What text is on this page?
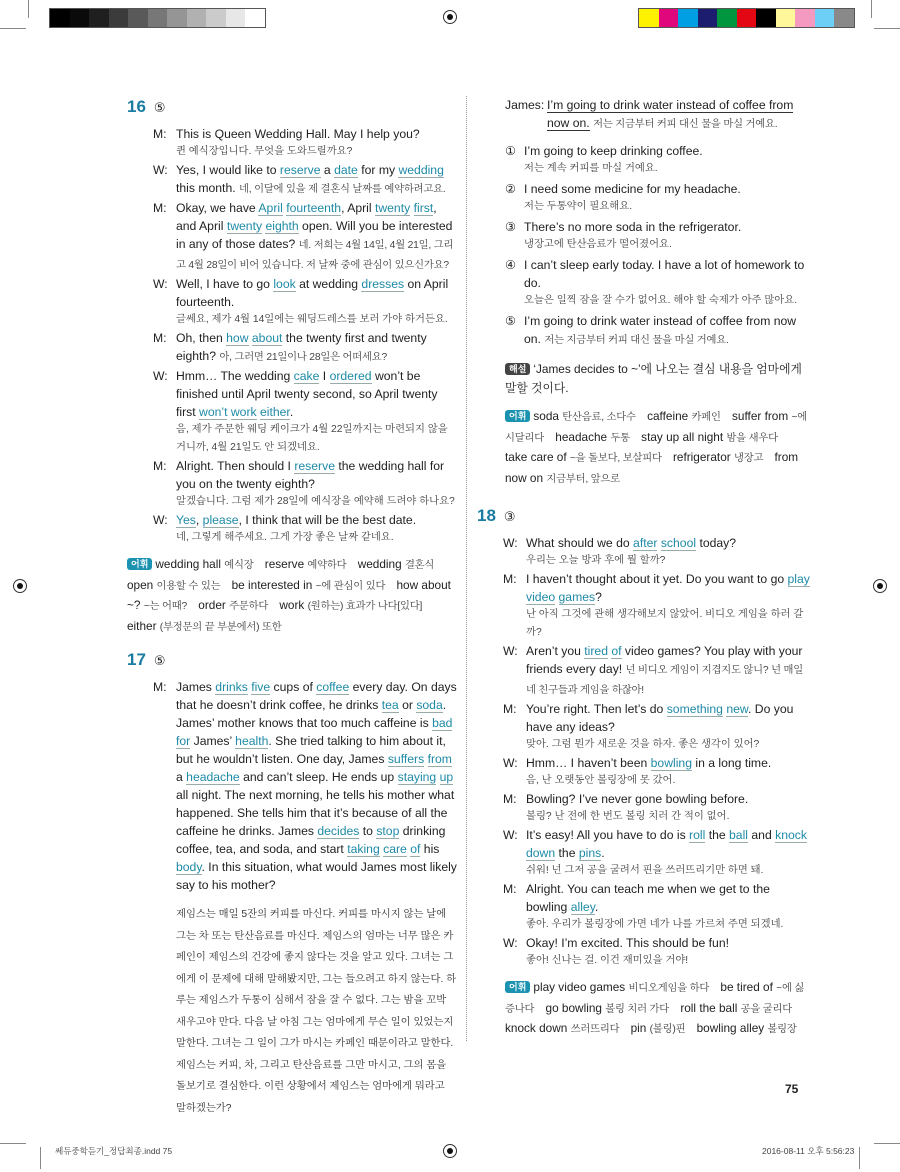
16 ⑤
M: This is Queen Wedding Hall. May I help you?
퀸 예식장입니다. 무엇을 도와드릴까요?
W: Yes, I would like to reserve a date for my wedding this month. 네, 이달에 있을 제 결혼식 날짜를 예약하려고요.
M: Okay, we have April fourteenth, April twenty first, and April twenty eighth open. Will you be interested in any of those dates? 네. 저희는 4월 14일, 4월 21일, 그리고 4월 28일이 비어 있습니다. 저 날짜 중에 관심이 있으신가요?
W: Well, I have to go look at wedding dresses on April fourteenth.
글쎄요, 제가 4월 14일에는 웨딩드레스를 보러 가야 하거든요.
M: Oh, then how about the twenty first and twenty eighth? 아, 그러면 21일이나 28일은 어떠세요?
W: Hmm… The wedding cake I ordered won’t be finished until April twenty second, so April twenty first won’t work either.
음, 제가 주문한 웨딩 케이크가 4월 22일까지는 마련되지 않을 거니까, 4월 21일도 안 되겠네요.
M: Alright. Then should I reserve the wedding hall for you on the twenty eighth?
알겠습니다. 그럼 제가 28일에 예식장을 예약해 드려야 하나요?
W: Yes, please, I think that will be the best date.
네, 그렇게 해주세요. 그게 가장 좋은 날짜 같네요.
어휘 wedding hall 예식장 reserve 예약하다 wedding 결혼식 open 이용할 수 있는 be interested in ~에 관심이 있다 how about ~? ~는 어때? order 주문하다 work (원하는) 효과가 나다[있다] either (부정문의 끝 부분에서) 또한
17 ⑤
M: James drinks five cups of coffee every day. On days that he doesn’t drink coffee, he drinks tea or soda. James’ mother knows that too much caffeine is bad for James’ health. She tried talking to him about it, but he wouldn’t listen. One day, James suffers from a headache and can’t sleep. He ends up staying up all night. The next morning, he tells his mother what happened. She tells him that it’s because of all the caffeine he drinks. James decides to stop drinking coffee, tea, and soda, and start taking care of his body. In this situation, what would James most likely say to his mother?

제임스는 매일 5잔의 커피를 마신다. 커피를 마시지 않는 날에 그는 차 또는 탄산음료를 마신다. 제임스의 엄마는 너무 많은 카페인이 제임스의 건강에 좋지 않다는 것을 알고 있다. 그녀는 그에게 이 문제에 대해 말해봤지만, 그는 들으려고 하지 않는다. 하루는 제임스가 두통이 심해서 잠을 잘 수 없다. 그는 밤을 꼬박 새우고야 만다. 다음 날 아침 그는 엄마에게 무슨 일이 있었는지 말한다. 그녀는 그 일이 그가 마시는 카페인 때문이라고 말한다. 제임스는 커피, 차, 그리고 탄산음료를 그만 마시고, 그의 몸을 돌보기로 결심한다. 이런 상황에서 제임스는 엄마에게 뭐라고 말하겠는가?

James: I’m going to drink water instead of coffee from now on. 저는 지금부터 커피 대신 물을 마실 거예요.
① I’m going to keep drinking coffee.
저는 계속 커피를 마실 거예요.
② I need some medicine for my headache.
저는 두통약이 필요해요.
③ There’s no more soda in the refrigerator.
냉장고에 탄산음료가 떨어졌어요.
④ I can’t sleep early today. I have a lot of homework to do.
오늘은 일찍 잠을 잘 수가 없어요. 해야 할 숙제가 아주 많아요.
⑤ I’m going to drink water instead of coffee from now on. 저는 지금부터 커피 대신 물을 마실 거예요.
해설 ‘James decides to ~’에 나오는 결심 내용을 엄마에게 말할 것이다.
어휘 soda 탄산음료, 소다수 caffeine 카페인 suffer from ~에 시달리다 headache 두통 stay up all night 밤을 새우다 take care of ~을 돌보다, 보살피다 refrigerator 냉장고 from now on 지금부터, 앞으로
18 ③
W: What should we do after school today?
우리는 오늘 방과 후에 뭘 할까?
M: I haven’t thought about it yet. Do you want to go play video games?
난 아직 그것에 관해 생각해보지 않았어. 비디오 게임을 하러 갈까?
W: Aren’t you tired of video games? You play with your friends every day! 넌 비디오 게임이 지겹지도 않니? 넌 매일 네 친구들과 게임을 하잖아!
M: You’re right. Then let’s do something new. Do you have any ideas?
맞아. 그럼 뭔가 새로운 것을 하자. 좋은 생각이 있어?
W: Hmm… I haven’t been bowling in a long time.
음, 난 오랫동안 볼링장에 못 갔어.
M: Bowling? I’ve never gone bowling before.
볼링? 난 전에 한 번도 볼링 치러 간 적이 없어.
W: It’s easy! All you have to do is roll the ball and knock down the pins.
쉬워! 넌 그저 공을 굴려서 핀을 쓰러뜨리기만 하면 돼.
M: Alright. You can teach me when we get to the bowling alley.
좋아. 우리가 볼링장에 가면 네가 나를 가르쳐 주면 되겠네.
W: Okay! I’m excited. This should be fun!
좋아! 신나는 걸. 이건 재미있을 거야!
어휘 play video games 비디오게임을 하다 be tired of ~에 싫증나다 go bowling 볼링 치러 가다 roll the ball 공을 굴리다 knock down 쓰러뜨리다 pin (볼링)핀 bowling alley 볼링장
75
쎄듀중학듣기_정답최종.indd 75	2016-08-11 오후 5:56:23
